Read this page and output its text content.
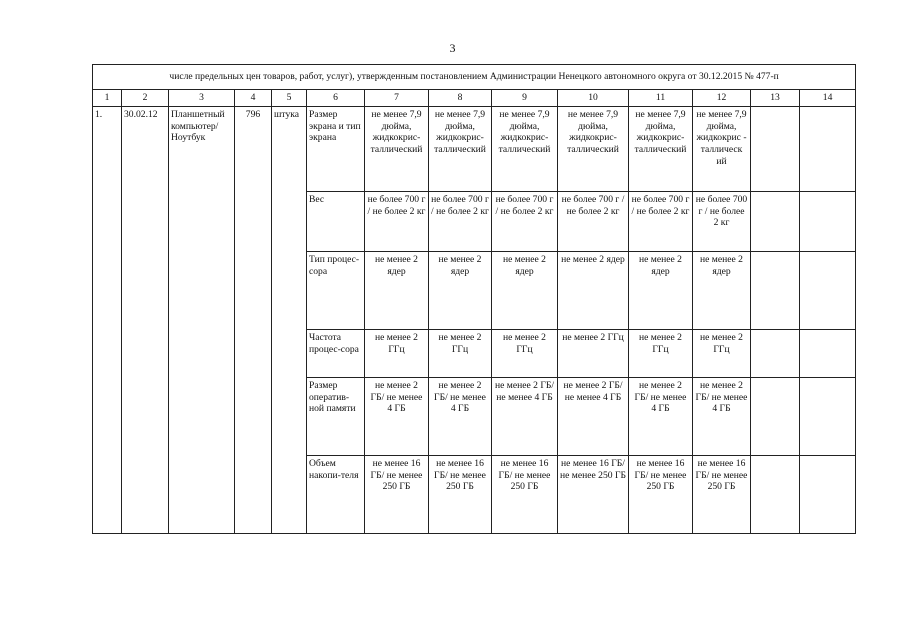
3
числе предельных цен товаров, работ, услуг), утвержденным постановлением Администрации Ненецкого автономного округа от 30.12.2015 № 477-п													
1	2	3	4	5	6	7	8	9	10	11	12	13	14
1.	30.02.12	Планшетный компьютер/ Ноутбук	796	штука	Размер экрана и тип экрана	не менее 7,9 дюйма, жидкокрис-таллический	не менее 7,9 дюйма, жидкокрис-таллический	не менее 7,9 дюйма, жидкокрис-таллический	не менее 7,9 дюйма, жидкокрис-таллический	не менее 7,9 дюйма, жидкокрис-таллический	не менее 7,9 дюйма, жидкокрис - таллическ ий		
					Вес	не более 700 г / не более 2 кг	не более 700 г / не более 2 кг	не более 700 г / не более 2 кг	не более 700 г / не более 2 кг	не более 700 г / не более 2 кг	не более 700 г / не более 2 кг		
					Тип процес-сора	не менее 2 ядер	не менее 2 ядер	не менее 2 ядер	не менее 2 ядер	не менее 2 ядер	не менее 2 ядер		
					Частота процес-сора	не менее 2 ГГц	не менее 2 ГГц	не менее 2 ГГц	не менее 2 ГГц	не менее 2 ГГц	не менее 2 ГГц		
					Размер оператив-ной памяти	не менее 2 ГБ/ не менее 4 ГБ	не менее 2 ГБ/ не менее 4 ГБ	не менее 2 ГБ/ не менее 4 ГБ	не менее 2 ГБ/ не менее 4 ГБ	не менее 2 ГБ/ не менее 4 ГБ	не менее 2 ГБ/ не менее 4 ГБ		
					Объем накопи-теля	не менее 16 ГБ/ не менее 250 ГБ	не менее 16 ГБ/ не менее 250 ГБ	не менее 16 ГБ/ не менее 250 ГБ	не менее 16 ГБ/ не менее 250 ГБ	не менее 16 ГБ/ не менее 250 ГБ	не менее 16 ГБ/ не менее 250 ГБ		
